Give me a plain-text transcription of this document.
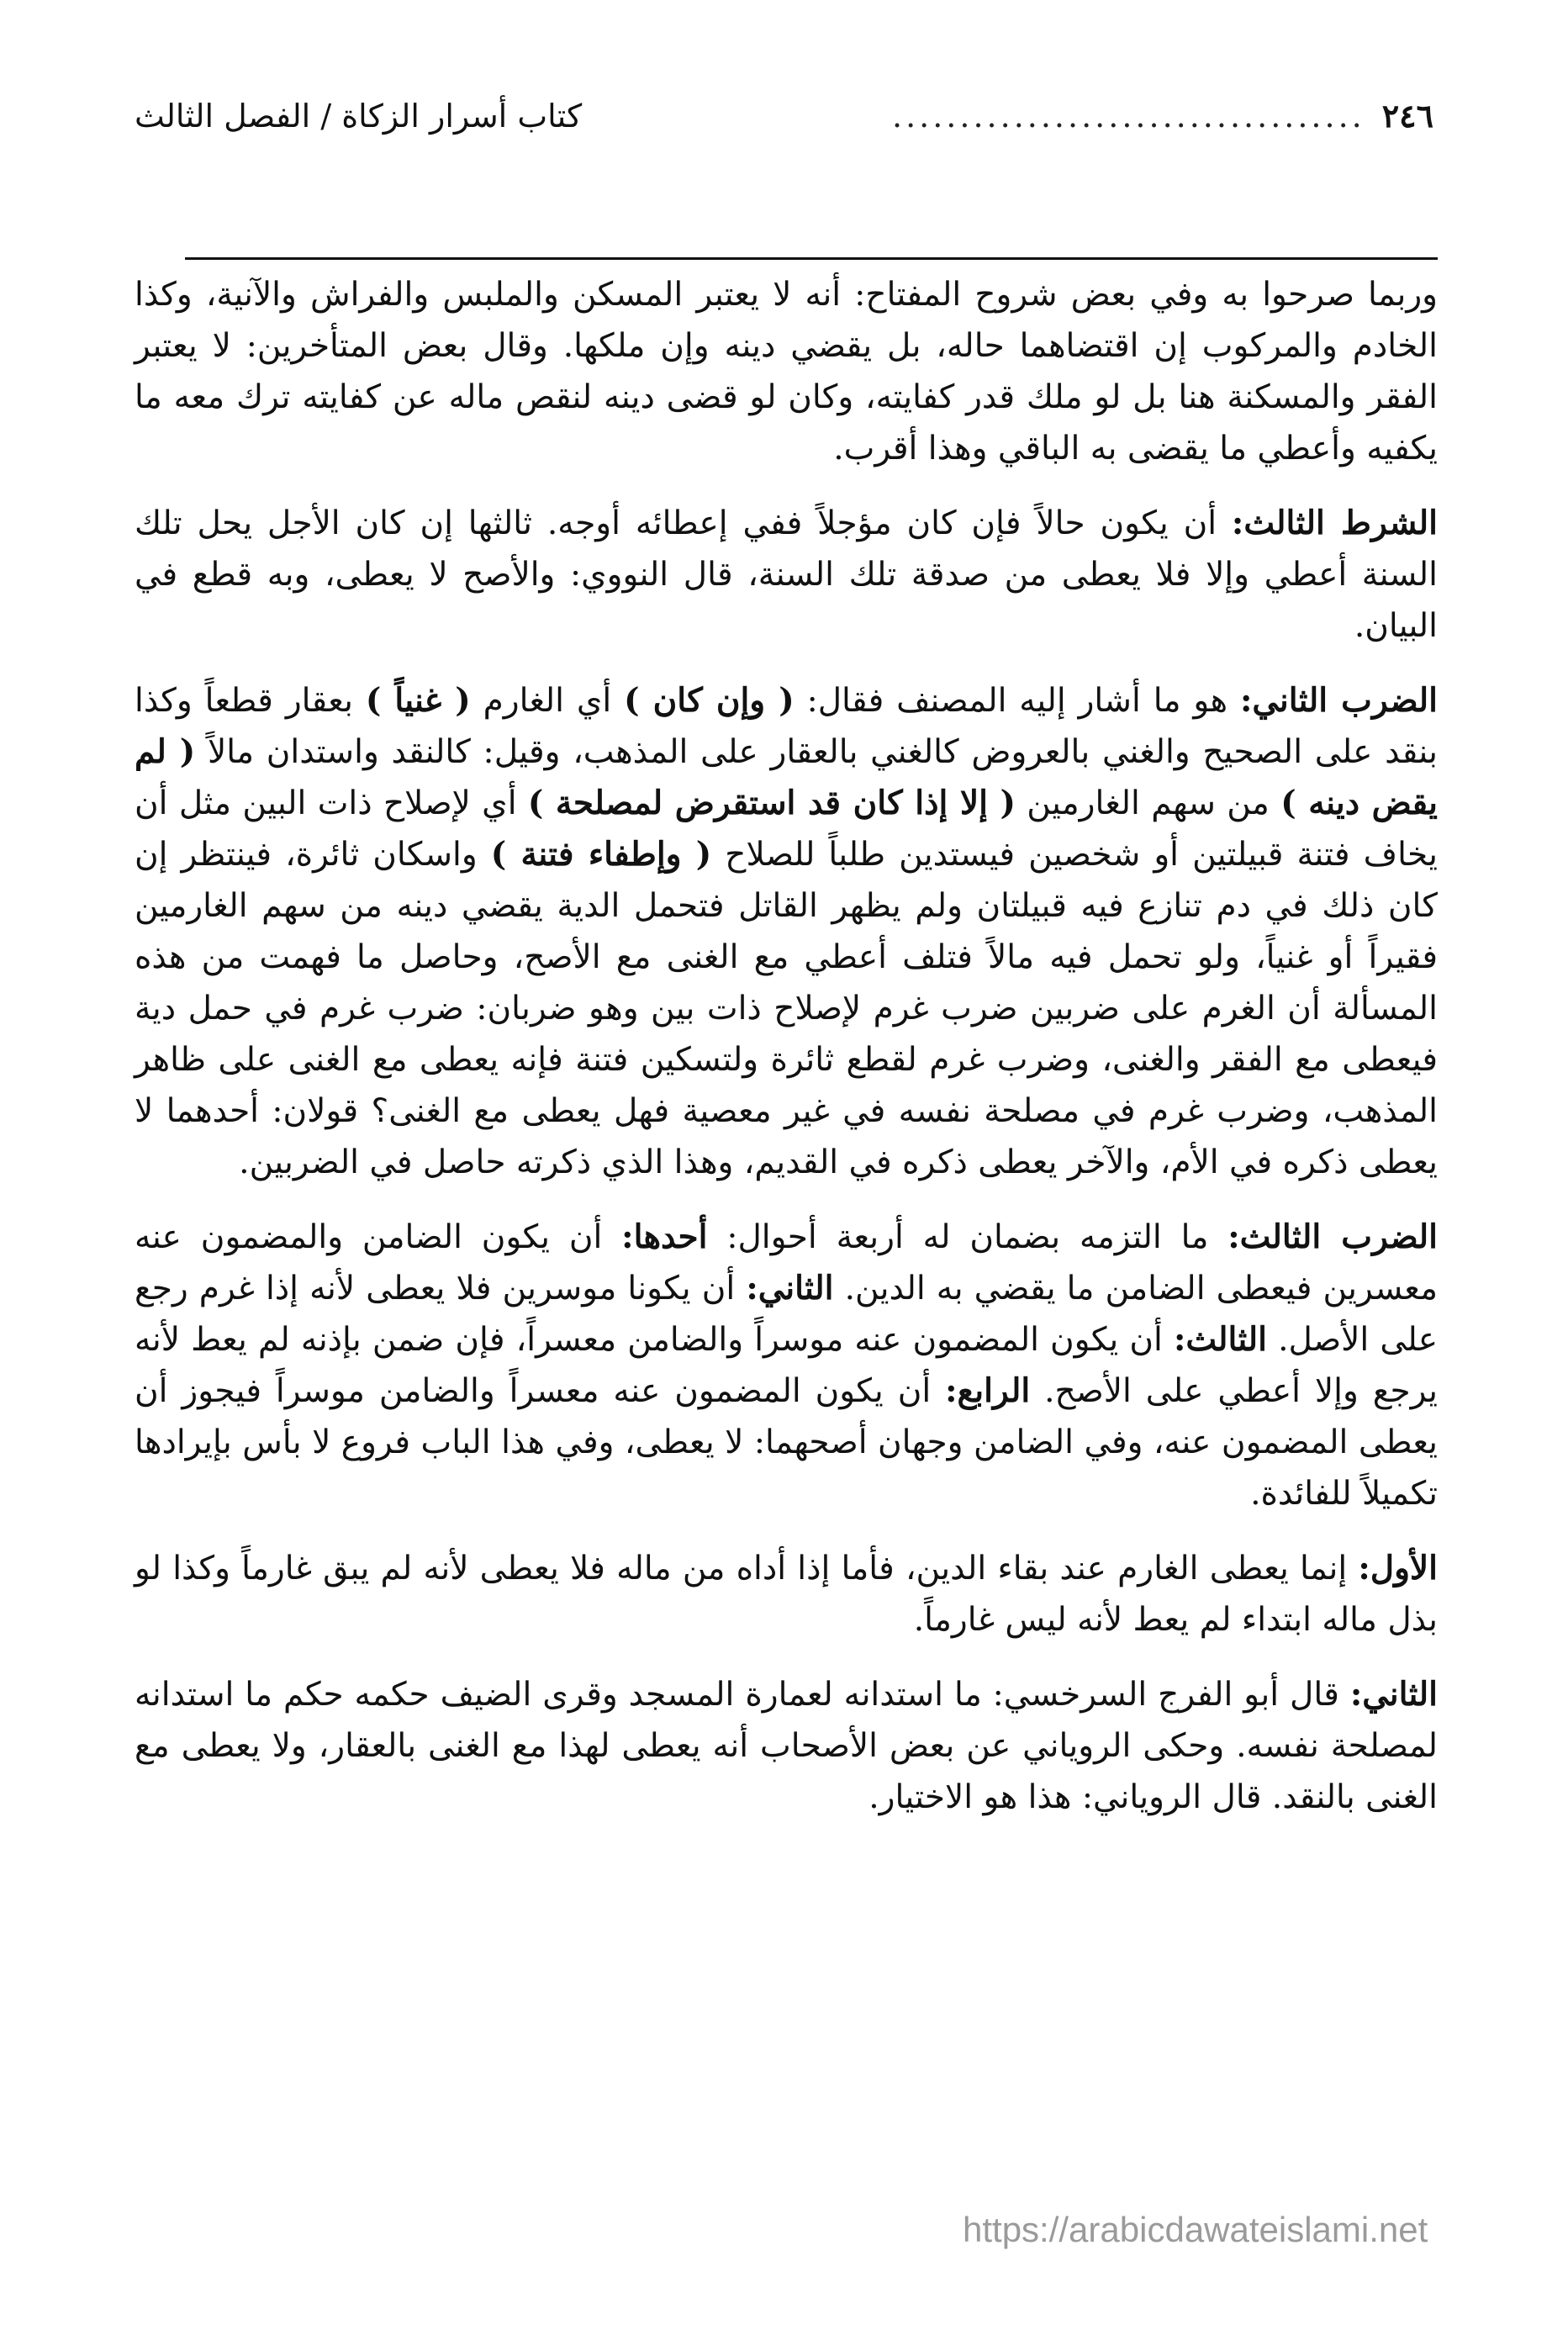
٢٤٦
...................................
كتاب أسرار الزكاة / الفصل الثالث

وربما صرحوا به وفي بعض شروح المفتاح: أنه لا يعتبر المسكن والملبس والفراش والآنية، وكذا الخادم والمركوب إن اقتضاهما حاله، بل يقضي دينه وإن ملكها. وقال بعض المتأخرين: لا يعتبر الفقر والمسكنة هنا بل لو ملك قدر كفايته، وكان لو قضى دينه لنقص ماله عن كفايته ترك معه ما يكفيه وأعطي ما يقضى به الباقي وهذا أقرب.

الشرط الثالث: أن يكون حالاً فإن كان مؤجلاً ففي إعطائه أوجه. ثالثها إن كان الأجل يحل تلك السنة أعطي وإلا فلا يعطى من صدقة تلك السنة، قال النووي: والأصح لا يعطى، وبه قطع في البيان.

الضرب الثاني: هو ما أشار إليه المصنف فقال: ( وإن كان ) أي الغارم ( غنياً ) بعقار قطعاً وكذا بنقد على الصحيح والغني بالعروض كالغني بالعقار على المذهب، وقيل: كالنقد واستدان مالاً ( لم يقض دينه ) من سهم الغارمين ( إلا إذا كان قد استقرض لمصلحة ) أي لإصلاح ذات البين مثل أن يخاف فتنة قبيلتين أو شخصين فيستدين طلباً للصلاح ( وإطفاء فتنة ) واسكان ثائرة، فينتظر إن كان ذلك في دم تنازع فيه قبيلتان ولم يظهر القاتل فتحمل الدية يقضي دينه من سهم الغارمين فقيراً أو غنياً، ولو تحمل فيه مالاً فتلف أعطي مع الغنى مع الأصح، وحاصل ما فهمت من هذه المسألة أن الغرم على ضربين ضرب غرم لإصلاح ذات بين وهو ضربان: ضرب غرم في حمل دية فيعطى مع الفقر والغنى، وضرب غرم لقطع ثائرة ولتسكين فتنة فإنه يعطى مع الغنى على ظاهر المذهب، وضرب غرم في مصلحة نفسه في غير معصية فهل يعطى مع الغنى؟ قولان: أحدهما لا يعطى ذكره في الأم، والآخر يعطى ذكره في القديم، وهذا الذي ذكرته حاصل في الضربين.

الضرب الثالث: ما التزمه بضمان له أربعة أحوال: أحدها: أن يكون الضامن والمضمون عنه معسرين فيعطى الضامن ما يقضي به الدين. الثاني: أن يكونا موسرين فلا يعطى لأنه إذا غرم رجع على الأصل. الثالث: أن يكون المضمون عنه موسراً والضامن معسراً، فإن ضمن بإذنه لم يعط لأنه يرجع وإلا أعطي على الأصح. الرابع: أن يكون المضمون عنه معسراً والضامن موسراً فيجوز أن يعطى المضمون عنه، وفي الضامن وجهان أصحهما: لا يعطى، وفي هذا الباب فروع لا بأس بإيرادها تكميلاً للفائدة.

الأول: إنما يعطى الغارم عند بقاء الدين، فأما إذا أداه من ماله فلا يعطى لأنه لم يبق غارماً وكذا لو بذل ماله ابتداء لم يعط لأنه ليس غارماً.

الثاني: قال أبو الفرج السرخسي: ما استدانه لعمارة المسجد وقرى الضيف حكمه حكم ما استدانه لمصلحة نفسه. وحكى الروياني عن بعض الأصحاب أنه يعطى لهذا مع الغنى بالعقار، ولا يعطى مع الغنى بالنقد. قال الروياني: هذا هو الاختيار.

https://arabicdawateislami.net
